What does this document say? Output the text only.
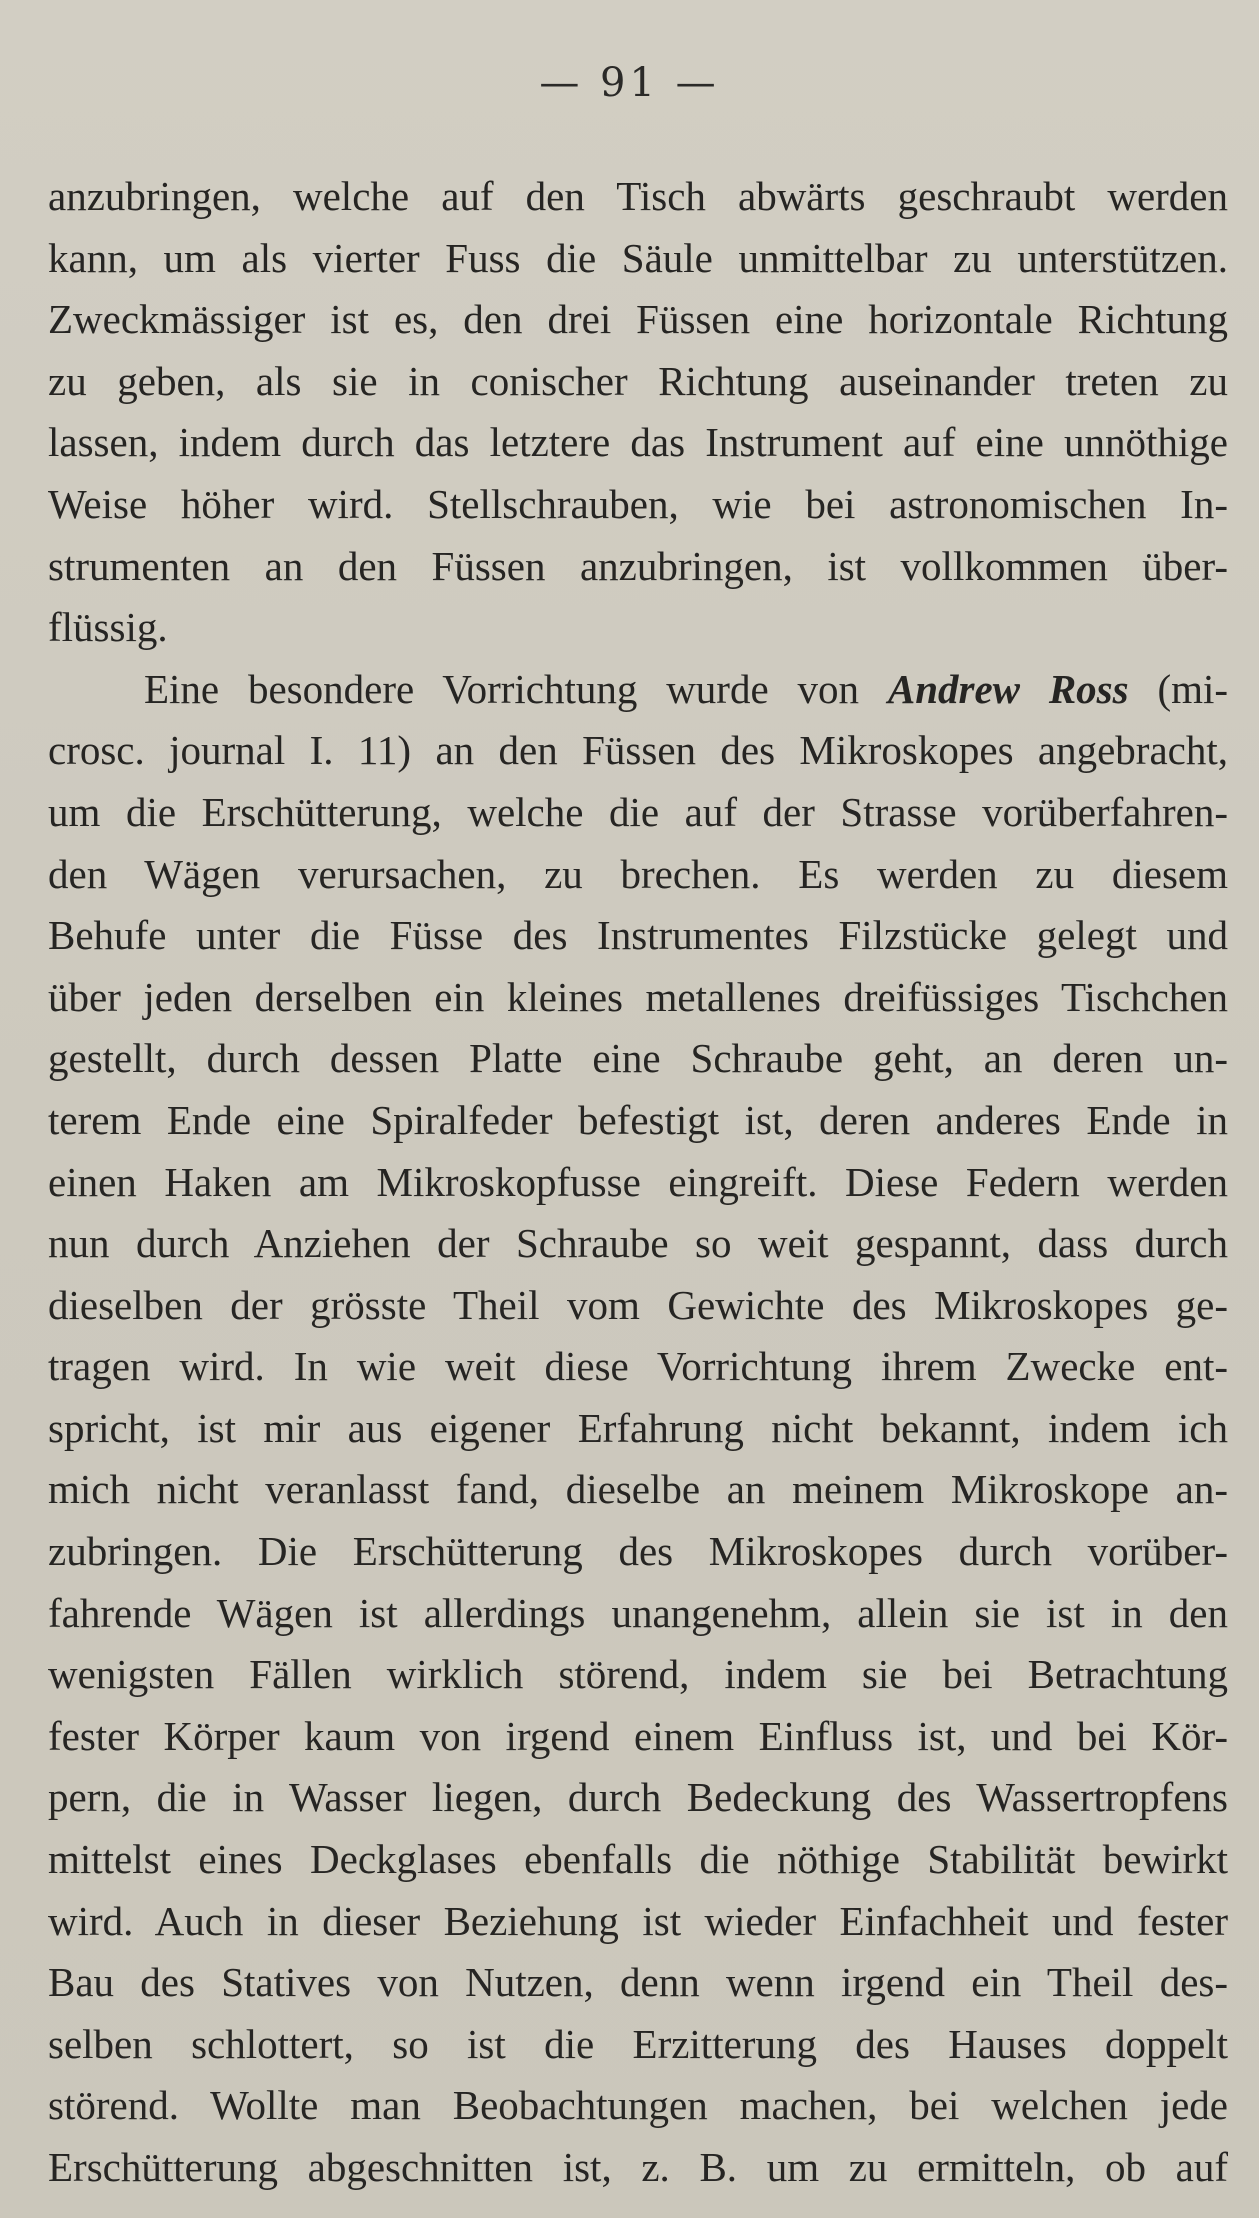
— 91 —
anzubringen, welche auf den Tisch abwärts geschraubt werden
kann, um als vierter Fuss die Säule unmittelbar zu unterstützen.
Zweckmässiger ist es, den drei Füssen eine horizontale Richtung
zu geben, als sie in conischer Richtung auseinander treten zu
lassen, indem durch das letztere das Instrument auf eine unnöthige
Weise höher wird. Stellschrauben, wie bei astronomischen In-
strumenten an den Füssen anzubringen, ist vollkommen über-
flüssig.
Eine besondere Vorrichtung wurde von Andrew Ross (mi-
crosc. journal I. 11) an den Füssen des Mikroskopes angebracht,
um die Erschütterung, welche die auf der Strasse vorüberfahren-
den Wägen verursachen, zu brechen. Es werden zu diesem
Behufe unter die Füsse des Instrumentes Filzstücke gelegt und
über jeden derselben ein kleines metallenes dreifüssiges Tischchen
gestellt, durch dessen Platte eine Schraube geht, an deren un-
terem Ende eine Spiralfeder befestigt ist, deren anderes Ende in
einen Haken am Mikroskopfusse eingreift. Diese Federn werden
nun durch Anziehen der Schraube so weit gespannt, dass durch
dieselben der grösste Theil vom Gewichte des Mikroskopes ge-
tragen wird. In wie weit diese Vorrichtung ihrem Zwecke ent-
spricht, ist mir aus eigener Erfahrung nicht bekannt, indem ich
mich nicht veranlasst fand, dieselbe an meinem Mikroskope an-
zubringen. Die Erschütterung des Mikroskopes durch vorüber-
fahrende Wägen ist allerdings unangenehm, allein sie ist in den
wenigsten Fällen wirklich störend, indem sie bei Betrachtung
fester Körper kaum von irgend einem Einfluss ist, und bei Kör-
pern, die in Wasser liegen, durch Bedeckung des Wassertropfens
mittelst eines Deckglases ebenfalls die nöthige Stabilität bewirkt
wird. Auch in dieser Beziehung ist wieder Einfachheit und fester
Bau des Statives von Nutzen, denn wenn irgend ein Theil des-
selben schlottert, so ist die Erzitterung des Hauses doppelt
störend. Wollte man Beobachtungen machen, bei welchen jede
Erschütterung abgeschnitten ist, z. B. um zu ermitteln, ob auf
